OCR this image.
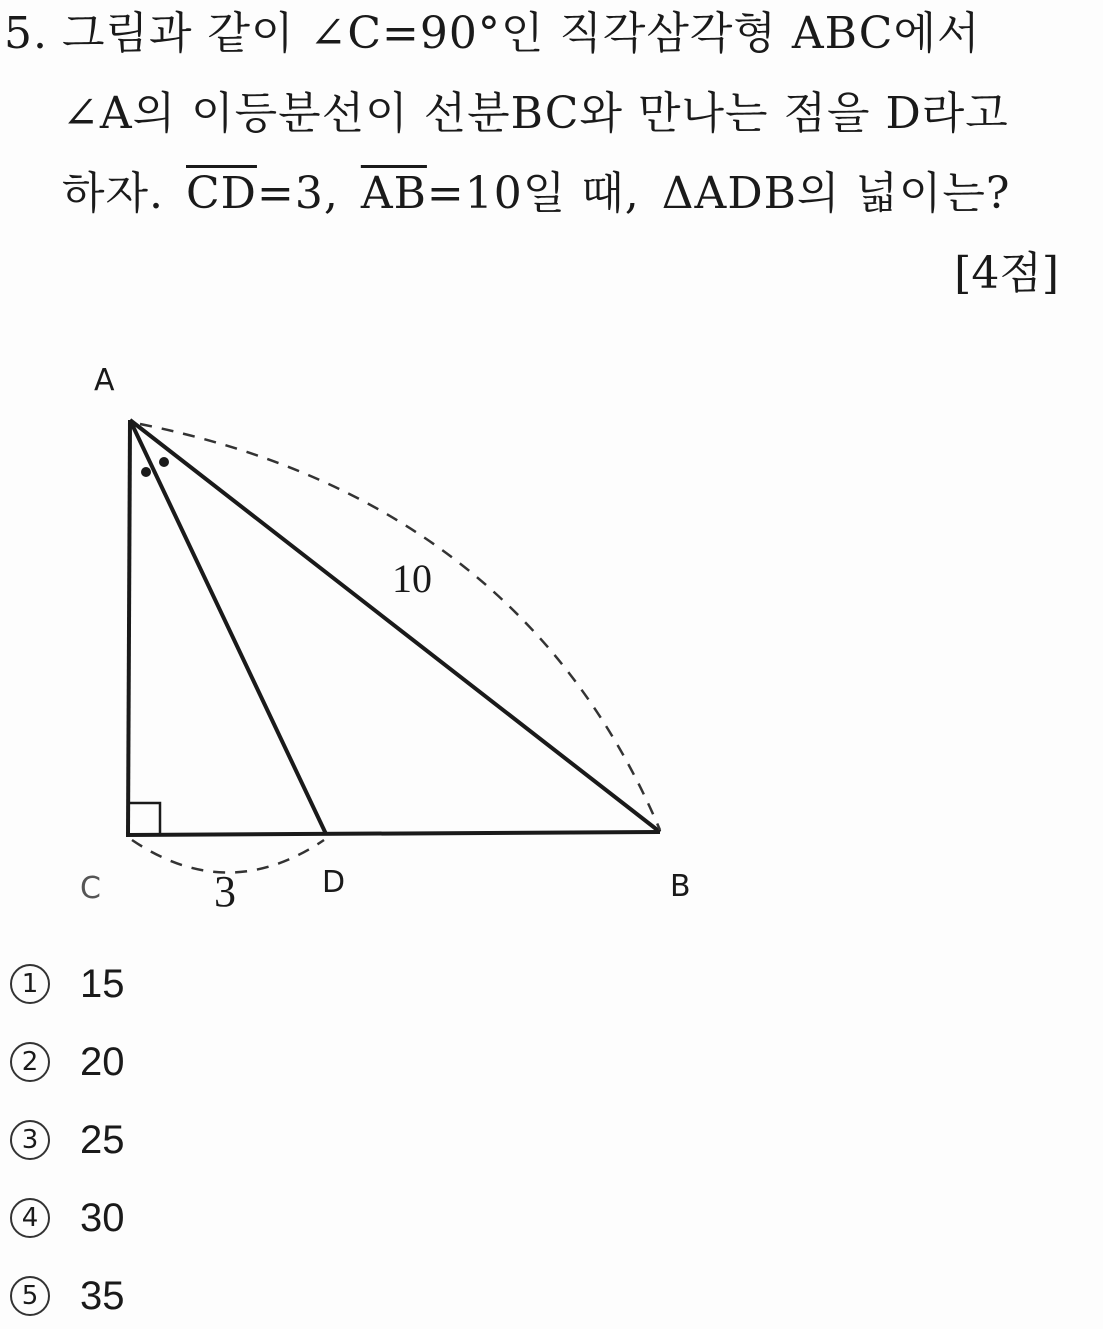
5. 그림과 같이 ∠C=90°인 직각삼각형 ABC에서
∠A의 이등분선이 선분BC와 만나는 점을 D라고
하자. $\overline{CD}=3$, $\overline{AB}=10$일 때, ΔADB의 넓이는?
[4점]
A
C	D	B
10
3
1 15
2 20
3 25
4 30
5 35
